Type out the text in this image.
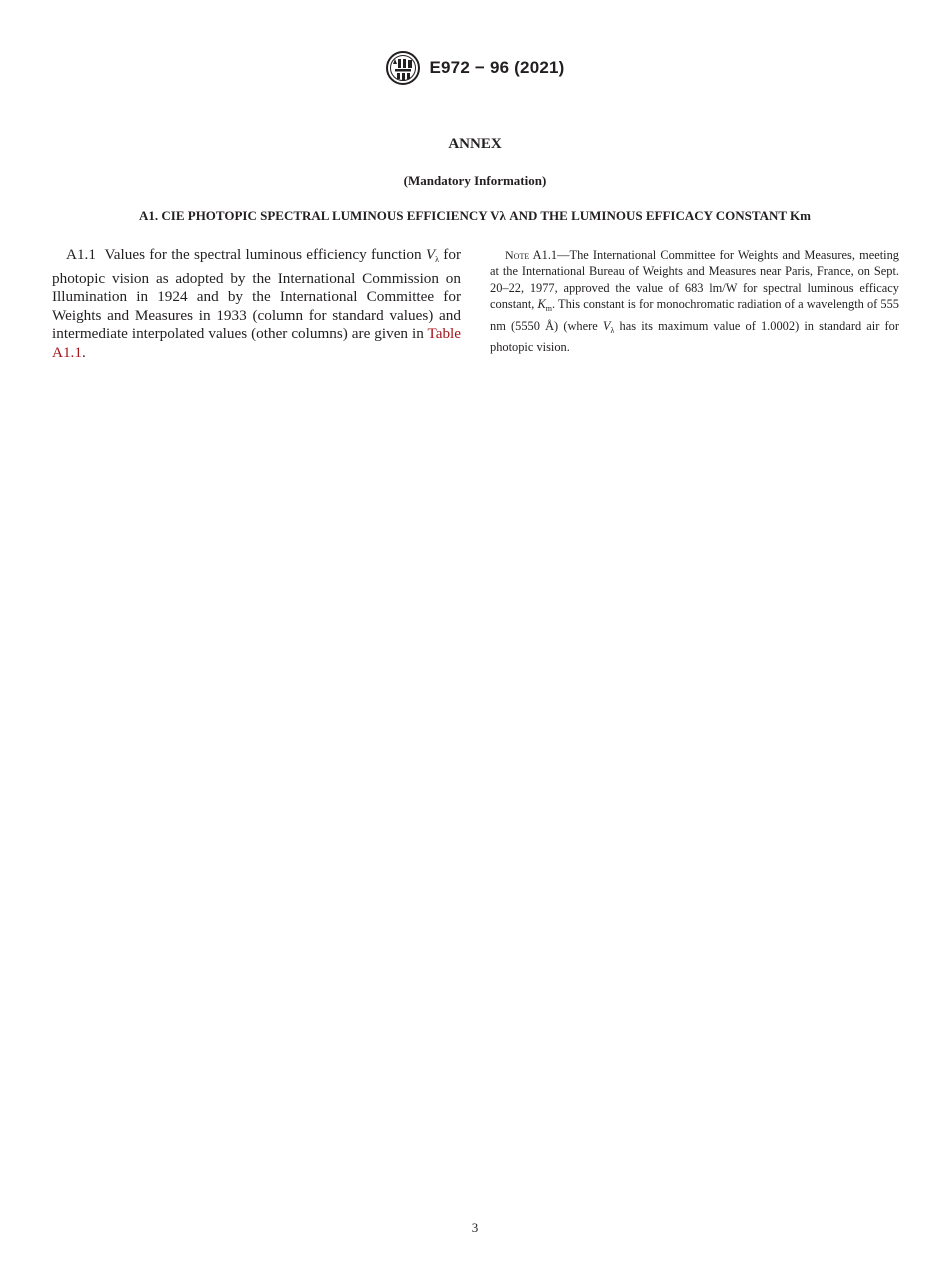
E972 − 96 (2021)
ANNEX
(Mandatory Information)
A1. CIE PHOTOPIC SPECTRAL LUMINOUS EFFICIENCY Vλ AND THE LUMINOUS EFFICACY CONSTANT Km

A1.1 Values for the spectral luminous efficiency function Vλ for photopic vision as adopted by the International Commission on Illumination in 1924 and by the International Committee for Weights and Measures in 1933 (column for standard values) and intermediate interpolated values (other columns) are given in Table A1.1.

Note A1.1—The International Committee for Weights and Measures, meeting at the International Bureau of Weights and Measures near Paris, France, on Sept. 20–22, 1977, approved the value of 683 lm/W for spectral luminous efficacy constant, $K_m$. This constant is for monochromatic radiation of a wavelength of 555 nm (5550 Å) (where $V_\lambda$ has its maximum value of 1.0002) in standard air for photopic vision.

3
